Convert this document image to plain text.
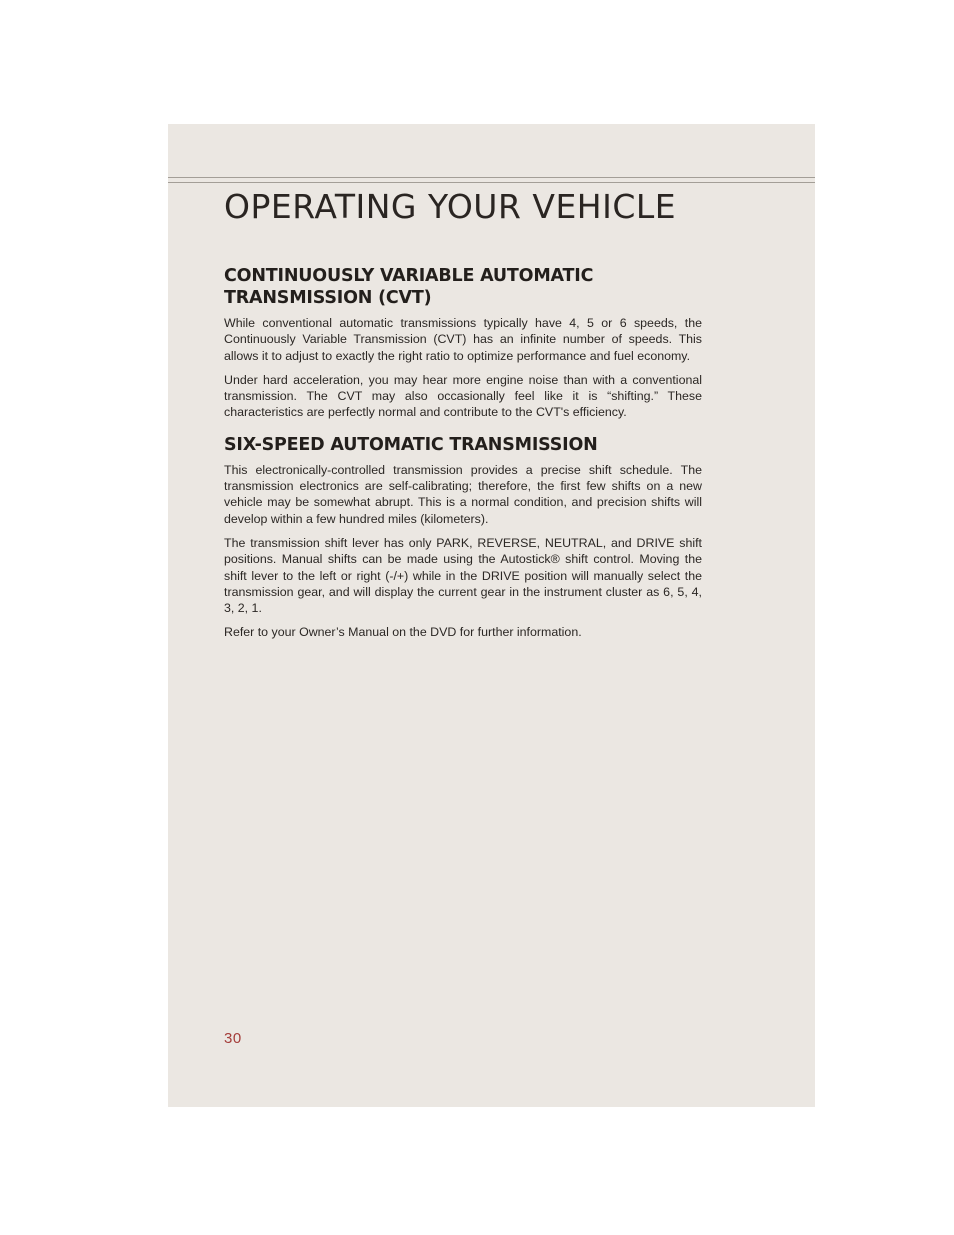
OPERATING YOUR VEHICLE
CONTINUOUSLY VARIABLE AUTOMATIC
TRANSMISSION (CVT)

While conventional automatic transmissions typically have 4, 5 or 6 speeds, the Continuously Variable Transmission (CVT) has an infinite number of speeds. This allows it to adjust to exactly the right ratio to optimize performance and fuel economy.

Under hard acceleration, you may hear more engine noise than with a conventional transmission. The CVT may also occasionally feel like it is “shifting.” These characteristics are perfectly normal and contribute to the CVT's efficiency.

SIX-SPEED AUTOMATIC TRANSMISSION

This electronically-controlled transmission provides a precise shift schedule. The transmission electronics are self-calibrating; therefore, the first few shifts on a new vehicle may be somewhat abrupt. This is a normal condition, and precision shifts will develop within a few hundred miles (kilometers).

The transmission shift lever has only PARK, REVERSE, NEUTRAL, and DRIVE shift positions. Manual shifts can be made using the Autostick® shift control. Moving the shift lever to the left or right (-/+) while in the DRIVE position will manually select the transmission gear, and will display the current gear in the instrument cluster as 6, 5, 4, 3, 2, 1.

Refer to your Owner’s Manual on the DVD for further information.

30
